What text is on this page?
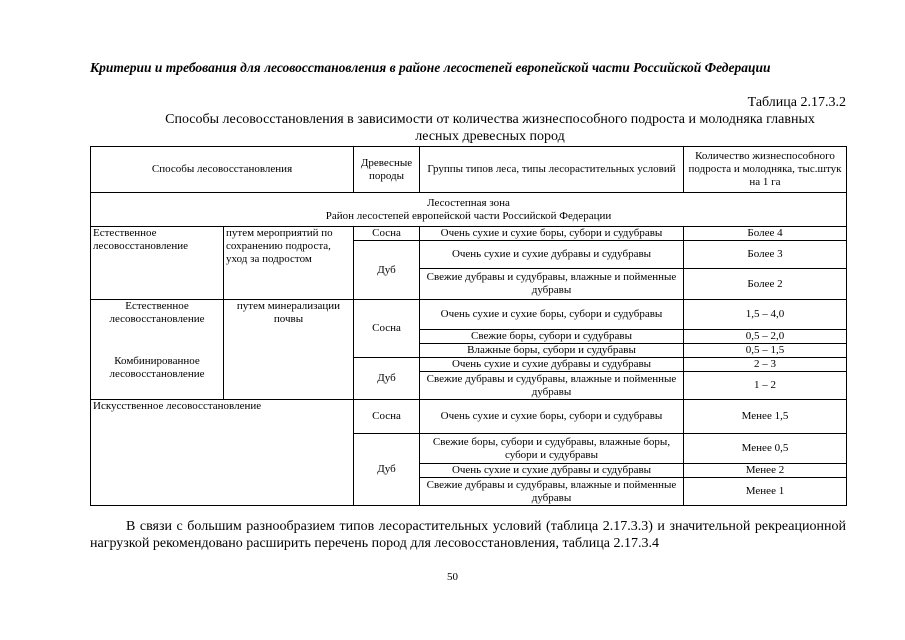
Критерии и требования для лесовосстановления в районе лесостепей европейской части Российской Федерации
Таблица 2.17.3.2
Способы лесовосстановления в зависимости от количества жизнеспособного подроста и молодняка главных
лесных древесных пород
Способы лесовосстановления		Древесные породы	Группы типов леса, типы лесорастительных условий	Количество жизнеспособного подроста и молодняка, тыс.штук на 1 га

Лесостепная зона
Район лесостепей европейской части Российской Федерации				

Естественное лесовосстановление	путем мероприятий по сохранению подроста, уход за подростом	Сосна	Очень сухие и сухие боры, субори и судубравы	Более 4
		Дуб	Очень сухие и сухие дубравы и судубравы	Более 3
			Свежие дубравы и судубравы, влажные и пойменные дубравы	Более 2

Естественное лесовосстановление
Комбинированное лесовосстановление	путем минерализации почвы	Сосна	Очень сухие и сухие боры, субори и судубравы	1,5 – 4,0
			Свежие боры, субори и судубравы	0,5 – 2,0
			Влажные боры, субори и судубравы	0,5 – 1,5
		Дуб	Очень сухие и сухие дубравы и судубравы	2 – 3
			Свежие дубравы и судубравы, влажные и пойменные дубравы	1 – 2
Искусственное лесовосстановление		Сосна	Очень сухие и сухие боры, субори и судубравы	Менее 1,5
		Дуб	Свежие боры, субори и судубравы, влажные боры, субори и судубравы	Менее 0,5
			Очень сухие и сухие дубравы и судубравы	Менее 2
			Свежие дубравы и судубравы, влажные и пойменные дубравы	Менее 1
В связи с большим разнообразием типов лесорастительных условий (таблица 2.17.3.3) и значительной рекреационной нагрузкой рекомендовано расширить перечень пород для лесовосстановления, таблица 2.17.3.4
50
